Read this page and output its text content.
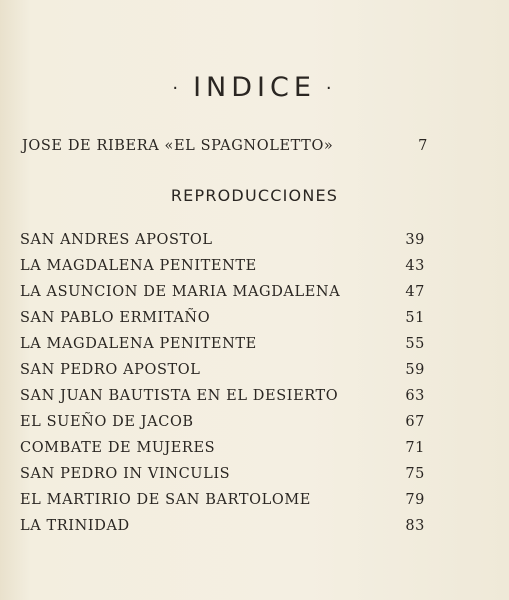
· INDICE ·
JOSE DE RIBERA «EL SPAGNOLETTO»	7
REPRODUCCIONES
SAN ANDRES APOSTOL	39
LA MAGDALENA PENITENTE	43
LA ASUNCION DE MARIA MAGDALENA	47
SAN PABLO ERMITAÑO	51
LA MAGDALENA PENITENTE	55
SAN PEDRO APOSTOL	59
SAN JUAN BAUTISTA EN EL DESIERTO	63
EL SUEÑO DE JACOB	67
COMBATE DE MUJERES	71
SAN PEDRO IN VINCULIS	75
EL MARTIRIO DE SAN BARTOLOME	79
LA TRINIDAD	83
